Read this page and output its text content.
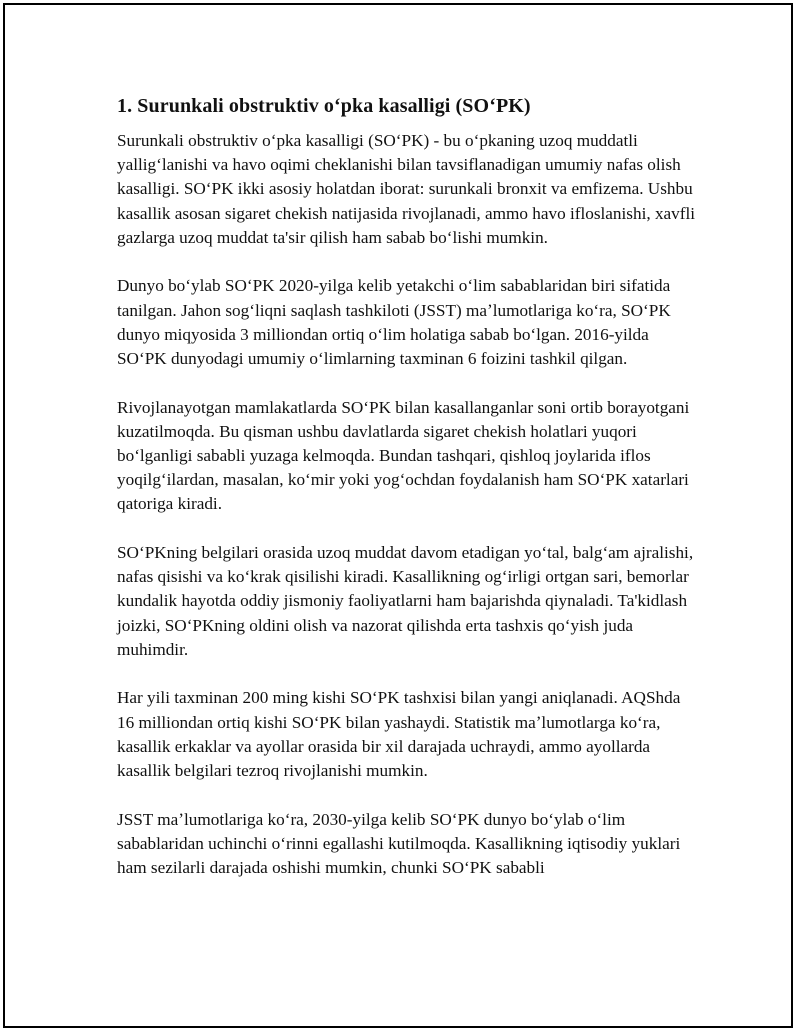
1. Surunkali obstruktiv oʻpka kasalligi (SOʻPK)

Surunkali obstruktiv oʻpka kasalligi (SOʻPK) - bu oʻpkaning uzoq muddatli yalligʻlanishi va havo oqimi cheklanishi bilan tavsiflanadigan umumiy nafas olish kasalligi. SOʻPK ikki asosiy holatdan iborat: surunkali bronxit va emfizema. Ushbu kasallik asosan sigaret chekish natijasida rivojlanadi, ammo havo ifloslanishi, xavfli gazlarga uzoq muddat ta'sir qilish ham sabab boʻlishi mumkin.

Dunyo boʻylab SOʻPK 2020-yilga kelib yetakchi oʻlim sabablaridan biri sifatida tanilgan. Jahon sogʻliqni saqlash tashkiloti (JSST) maʼlumotlariga koʻra, SOʻPK dunyo miqyosida 3 milliondan ortiq oʻlim holatiga sabab boʻlgan. 2016-yilda SOʻPK dunyodagi umumiy oʻlimlarning taxminan 6 foizini tashkil qilgan.

Rivojlanayotgan mamlakatlarda SOʻPK bilan kasallanganlar soni ortib borayotgani kuzatilmoqda. Bu qisman ushbu davlatlarda sigaret chekish holatlari yuqori boʻlganligi sababli yuzaga kelmoqda. Bundan tashqari, qishloq joylarida iflos yoqilgʻilardan, masalan, koʻmir yoki yogʻochdan foydalanish ham SOʻPK xatarlari qatoriga kiradi.

SOʻPKning belgilari orasida uzoq muddat davom etadigan yoʻtal, balgʻam ajralishi, nafas qisishi va koʻkrak qisilishi kiradi. Kasallikning ogʻirligi ortgan sari, bemorlar kundalik hayotda oddiy jismoniy faoliyatlarni ham bajarishda qiynaladi. Ta'kidlash joizki, SOʻPKning oldini olish va nazorat qilishda erta tashxis qoʻyish juda muhimdir.

Har yili taxminan 200 ming kishi SOʻPK tashxisi bilan yangi aniqlanadi. AQShda 16 milliondan ortiq kishi SOʻPK bilan yashaydi. Statistik maʼlumotlarga koʻra, kasallik erkaklar va ayollar orasida bir xil darajada uchraydi, ammo ayollarda kasallik belgilari tezroq rivojlanishi mumkin.

JSST maʼlumotlariga koʻra, 2030-yilga kelib SOʻPK dunyo boʻylab oʻlim sabablaridan uchinchi oʻrinni egallashi kutilmoqda. Kasallikning iqtisodiy yuklari ham sezilarli darajada oshishi mumkin, chunki SOʻPK sababli
